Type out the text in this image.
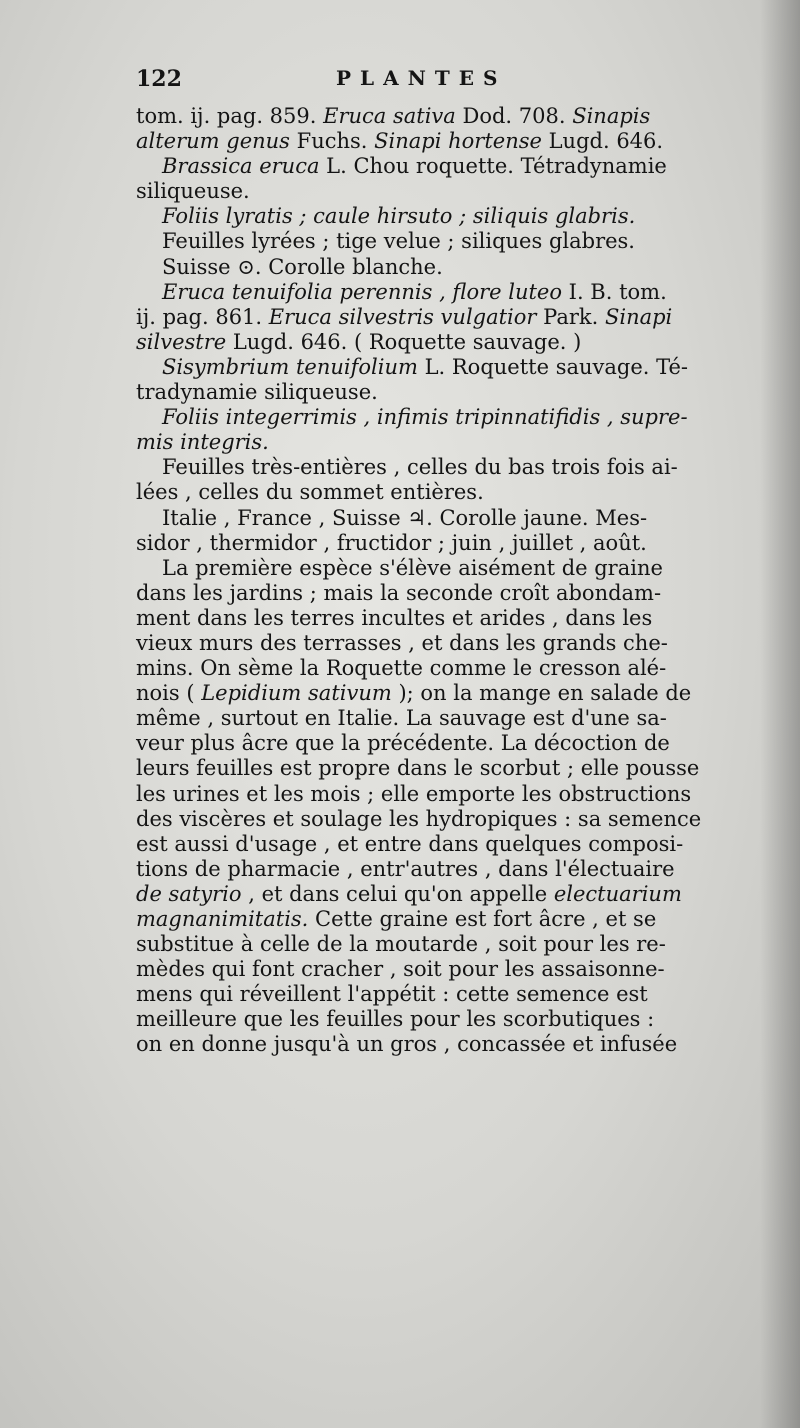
122	PLANTES

tom. ij. pag. 859. Eruca sativa Dod. 708. Sinapis

alterum genus Fuchs. Sinapi hortense Lugd. 646.

Brassica eruca L. Chou roquette. Tétradynamie

siliqueuse.

Foliis lyratis ; caule hirsuto ; siliquis glabris.

Feuilles lyrées ; tige velue ; siliques glabres.

Suisse ⊙. Corolle blanche.

Eruca tenuifolia perennis , flore luteo I. B. tom.

ij. pag. 861. Eruca silvestris vulgatior Park. Sinapi

silvestre Lugd. 646. ( Roquette sauvage. )

Sisymbrium tenuifolium L. Roquette sauvage. Té-

tradynamie siliqueuse.

Foliis integerrimis , infimis tripinnatifidis , supre-

mis integris.

Feuilles très-entières , celles du bas trois fois ai-

lées , celles du sommet entières.

Italie , France , Suisse ♃. Corolle jaune. Mes-

sidor , thermidor , fructidor ; juin , juillet , août.

La première espèce s'élève aisément de graine

dans les jardins ; mais la seconde croît abondam-

ment dans les terres incultes et arides , dans les

vieux murs des terrasses , et dans les grands che-

mins. On sème la Roquette comme le cresson alé-

nois ( Lepidium sativum ); on la mange en salade de

même , surtout en Italie. La sauvage est d'une sa-

veur plus âcre que la précédente. La décoction de

leurs feuilles est propre dans le scorbut ; elle pousse

les urines et les mois ; elle emporte les obstructions

des viscères et soulage les hydropiques : sa semence

est aussi d'usage , et entre dans quelques composi-

tions de pharmacie , entr'autres , dans l'électuaire

de satyrio , et dans celui qu'on appelle electuarium

magnanimitatis. Cette graine est fort âcre , et se

substitue à celle de la moutarde , soit pour les re-

mèdes qui font cracher , soit pour les assaisonne-

mens qui réveillent l'appétit : cette semence est

meilleure que les feuilles pour les scorbutiques :

on en donne jusqu'à un gros , concassée et infusée
